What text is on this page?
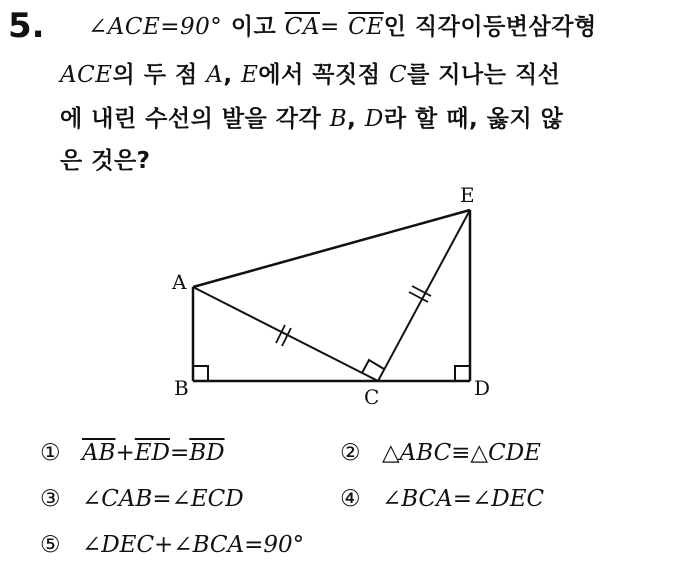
5. ∠ACE=90° 이고 $\overline{CA}= \overline{CE}$인 직각이등변삼각형
ACE의 두 점 A, E에서 꼭짓점 C를 지나는 직선
에 내린 수선의 발을 각각 B, D라 할 때, 옳지 않
은 것은?
A
B	C	D
E
① $\overline{AB}+\overline{ED}=\overline{BD}$	② △ABC≡△CDE
③ ∠CAB=∠ECD	④ ∠BCA=∠DEC
⑤ ∠DEC+∠BCA=90°
